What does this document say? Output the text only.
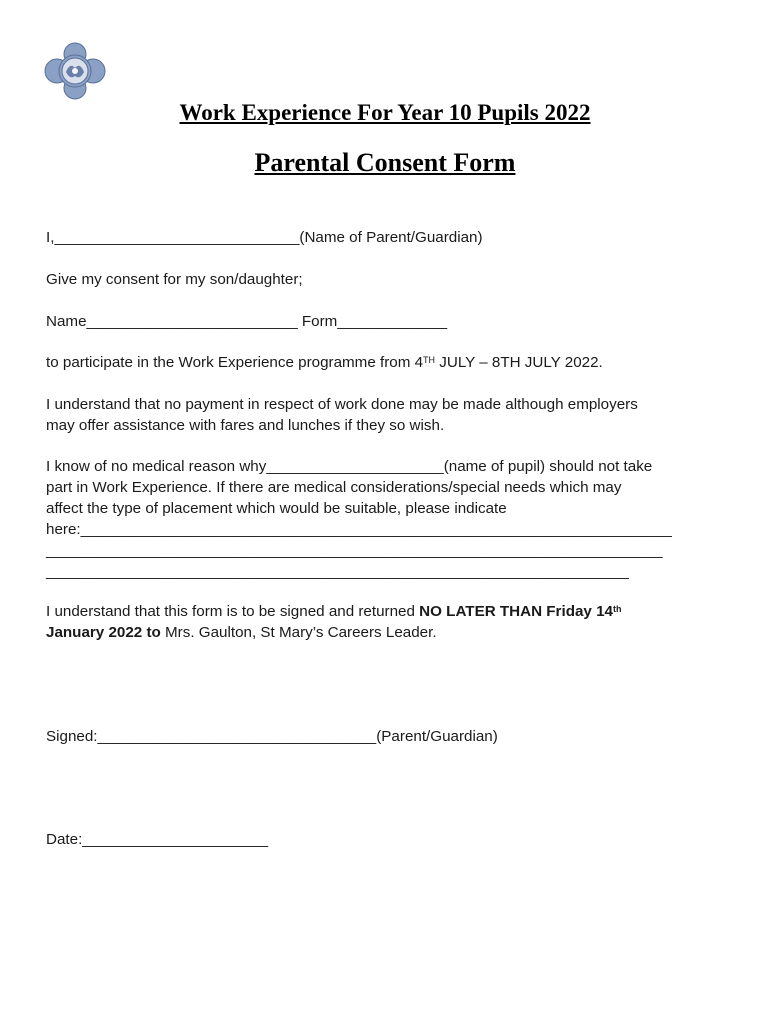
Work Experience For Year 10 Pupils 2022
Parental Consent Form
I,_____________________________(Name of Parent/Guardian)
Give my consent for my son/daughter;
Name_________________________ Form_____________
to participate in the Work Experience programme from 4TH JULY – 8TH JULY 2022.
I understand that no payment in respect of work done may be made although employers
may offer assistance with fares and lunches if they so wish.
I know of no medical reason why_____________________(name of pupil) should not take
part in Work Experience. If there are medical considerations/special needs which may
affect the type of placement which would be suitable, please indicate
here:______________________________________________________________________
_________________________________________________________________________
_____________________________________________________________________
I understand that this form is to be signed and returned NO LATER THAN Friday 14th
January 2022 to Mrs. Gaulton, St Mary’s Careers Leader.
Signed:_________________________________(Parent/Guardian)
Date:______________________
